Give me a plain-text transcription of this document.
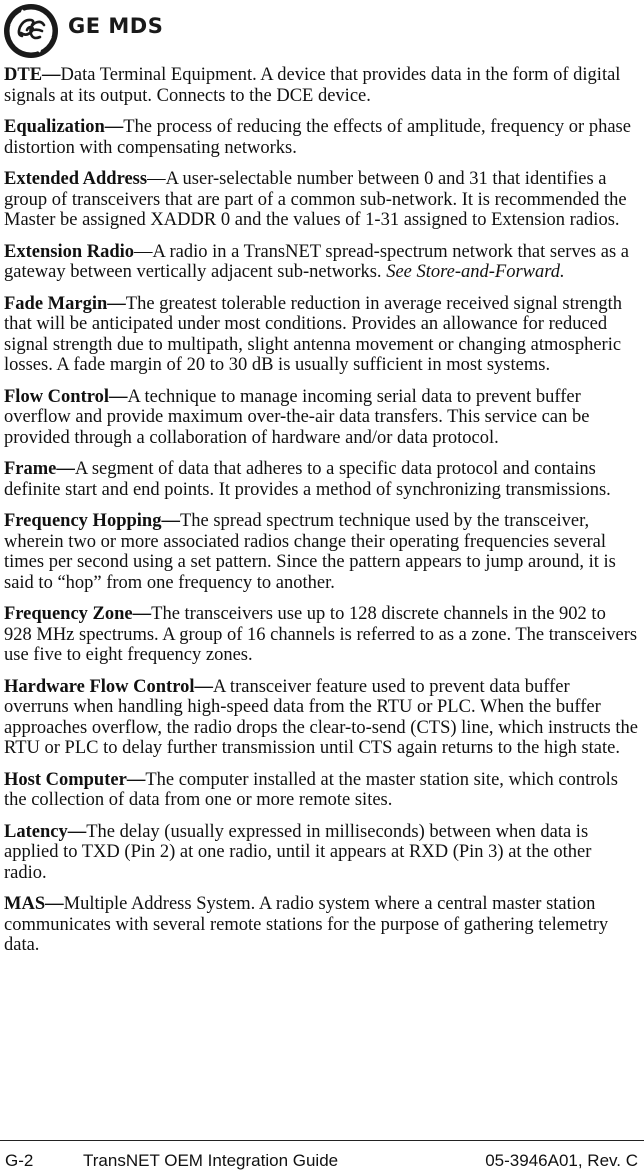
GE MDS

DTE—Data Terminal Equipment. A device that provides data in the form of digital signals at its output. Connects to the DCE device.

Equalization—The process of reducing the effects of amplitude, frequency or phase distortion with compensating networks.

Extended Address—A user-selectable number between 0 and 31 that identifies a group of transceivers that are part of a common sub-network. It is recommended the Master be assigned XADDR 0 and the values of 1-31 assigned to Extension radios.

Extension Radio—A radio in a TransNET spread-spectrum network that serves as a gateway between vertically adjacent sub-networks. See Store-and-Forward.

Fade Margin—The greatest tolerable reduction in average received signal strength that will be anticipated under most conditions. Provides an allowance for reduced signal strength due to multipath, slight antenna movement or changing atmospheric losses. A fade margin of 20 to 30 dB is usually sufficient in most systems.

Flow Control—A technique to manage incoming serial data to prevent buffer overflow and provide maximum over-the-air data transfers. This service can be provided through a collaboration of hardware and/or data protocol.

Frame—A segment of data that adheres to a specific data protocol and contains definite start and end points. It provides a method of synchronizing transmissions.

Frequency Hopping—The spread spectrum technique used by the transceiver, wherein two or more associated radios change their operating frequencies several times per second using a set pattern. Since the pattern appears to jump around, it is said to “hop” from one frequency to another.

Frequency Zone—The transceivers use up to 128 discrete channels in the 902 to 928 MHz spectrums. A group of 16 channels is referred to as a zone. The transceivers use five to eight frequency zones.

Hardware Flow Control—A transceiver feature used to prevent data buffer overruns when handling high-speed data from the RTU or PLC. When the buffer approaches overflow, the radio drops the clear-to-send (CTS) line, which instructs the RTU or PLC to delay further transmission until CTS again returns to the high state.

Host Computer—The computer installed at the master station site, which controls the collection of data from one or more remote sites.

Latency—The delay (usually expressed in milliseconds) between when data is applied to TXD (Pin 2) at one radio, until it appears at RXD (Pin 3) at the other radio.

MAS—Multiple Address System. A radio system where a central master station communicates with several remote stations for the purpose of gathering telemetry data.

G-2	TransNET OEM Integration Guide	05-3946A01, Rev. C
